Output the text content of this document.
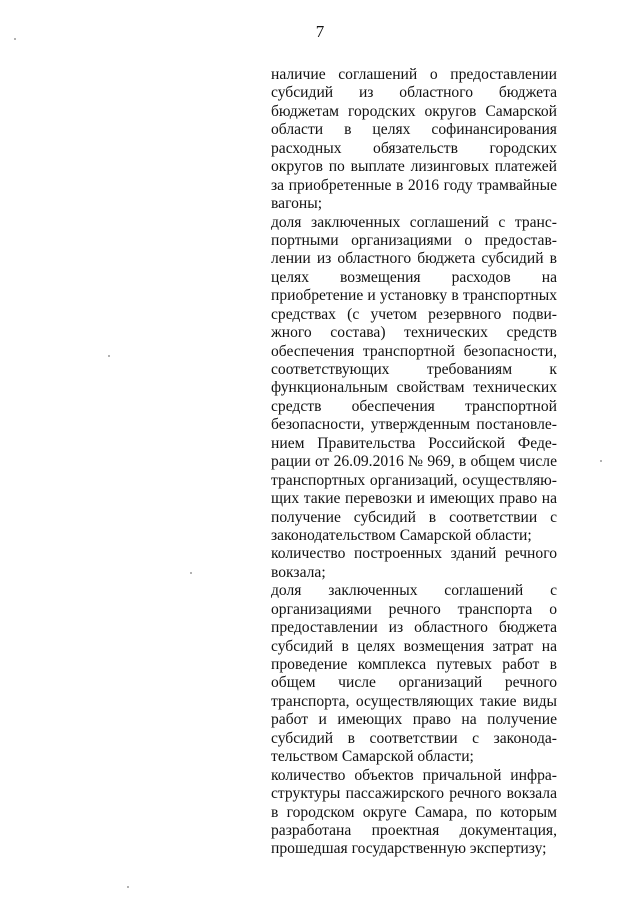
7
наличие соглашений о предоставлении
субсидий из областного бюджета
бюджетам городских округов Самарской
области в целях софинансирования
расходных обязательств городских
округов по выплате лизинговых платежей
за приобретенные в 2016 году трамвайные
вагоны;
доля заключенных соглашений с транс-
портными организациями о предостав-
лении из областного бюджета субсидий в
целях возмещения расходов на
приобретение и установку в транспортных
средствах (с учетом резервного подви-
жного состава) технических средств
обеспечения транспортной безопасности,
соответствующих требованиям к
функциональным свойствам технических
средств обеспечения транспортной
безопасности, утвержденным постановле-
нием Правительства Российской Феде-
рации от 26.09.2016 № 969, в общем числе
транспортных организаций, осуществляю-
щих такие перевозки и имеющих право на
получение субсидий в соответствии с
законодательством Самарской области;
количество построенных зданий речного
вокзала;
доля заключенных соглашений с
организациями речного транспорта о
предоставлении из областного бюджета
субсидий в целях возмещения затрат на
проведение комплекса путевых работ в
общем числе организаций речного
транспорта, осуществляющих такие виды
работ и имеющих право на получение
субсидий в соответствии с законода-
тельством Самарской области;
количество объектов причальной инфра-
структуры пассажирского речного вокзала
в городском округе Самара, по которым
разработана проектная документация,
прошедшая государственную экспертизу;
